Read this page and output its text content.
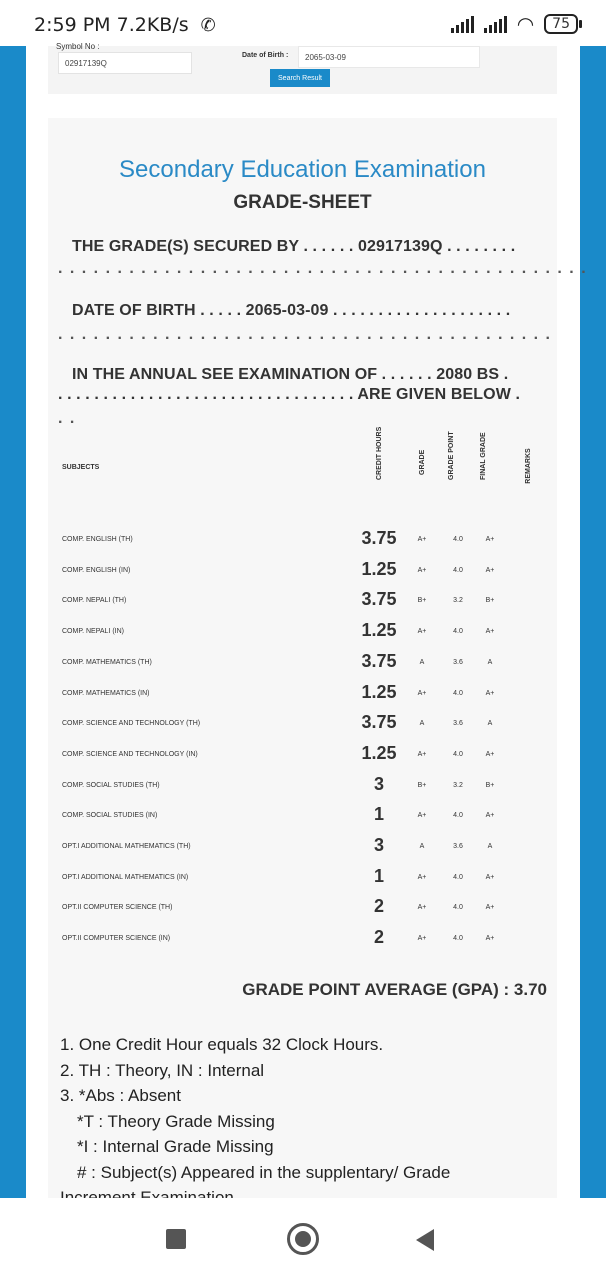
2:59 PM 7.2KB/s ✆	◠	75
Symbol No :
02917139Q
Date of Birth :	2065-03-09
Search Result
Secondary Education Examination
GRADE-SHEET
THE GRADE(S) SECURED BY . . . . . . 02917139Q . . . . . . . .
. . . . . . . . . . . . . . . . . . . . . . . . . . . . . . . . . . . . . . . . . . . . .
DATE OF BIRTH . . . . . 2065-03-09 . . . . . . . . . . . . . . . . . . . .
. . . . . . . . . . . . . . . . . . . . . . . . . . . . . . . . . . . . . . . . . .
IN THE ANNUAL SEE EXAMINATION OF . . . . . . 2080 BS .
. . . . . . . . . . . . . . . . . . . . . . . . . . . . . . . . . ARE GIVEN BELOW .
. .
SUBJECTS	CREDIT HOURS	GRADE	GRADE POINT	FINAL GRADE	REMARKS
COMP. ENGLISH (TH)	3.75	A+	4.0	A+
COMP. ENGLISH (IN)	1.25	A+	4.0	A+
COMP. NEPALI (TH)	3.75	B+	3.2	B+
COMP. NEPALI (IN)	1.25	A+	4.0	A+
COMP. MATHEMATICS (TH)	3.75	A	3.6	A
COMP. MATHEMATICS (IN)	1.25	A+	4.0	A+
COMP. SCIENCE AND TECHNOLOGY (TH)	3.75	A	3.6	A
COMP. SCIENCE AND TECHNOLOGY (IN)	1.25	A+	4.0	A+
COMP. SOCIAL STUDIES (TH)	3	B+	3.2	B+
COMP. SOCIAL STUDIES (IN)	1	A+	4.0	A+
OPT.I ADDITIONAL MATHEMATICS (TH)	3	A	3.6	A
OPT.I ADDITIONAL MATHEMATICS (IN)	1	A+	4.0	A+
OPT.II COMPUTER SCIENCE (TH)	2	A+	4.0	A+
OPT.II COMPUTER SCIENCE (IN)	2	A+	4.0	A+
GRADE POINT AVERAGE (GPA) : 3.70
1. One Credit Hour equals 32 Clock Hours.
2. TH : Theory, IN : Internal
3. *Abs : Absent
*T : Theory Grade Missing
*I : Internal Grade Missing
# : Subject(s) Appeared in the supplentary/ Grade
